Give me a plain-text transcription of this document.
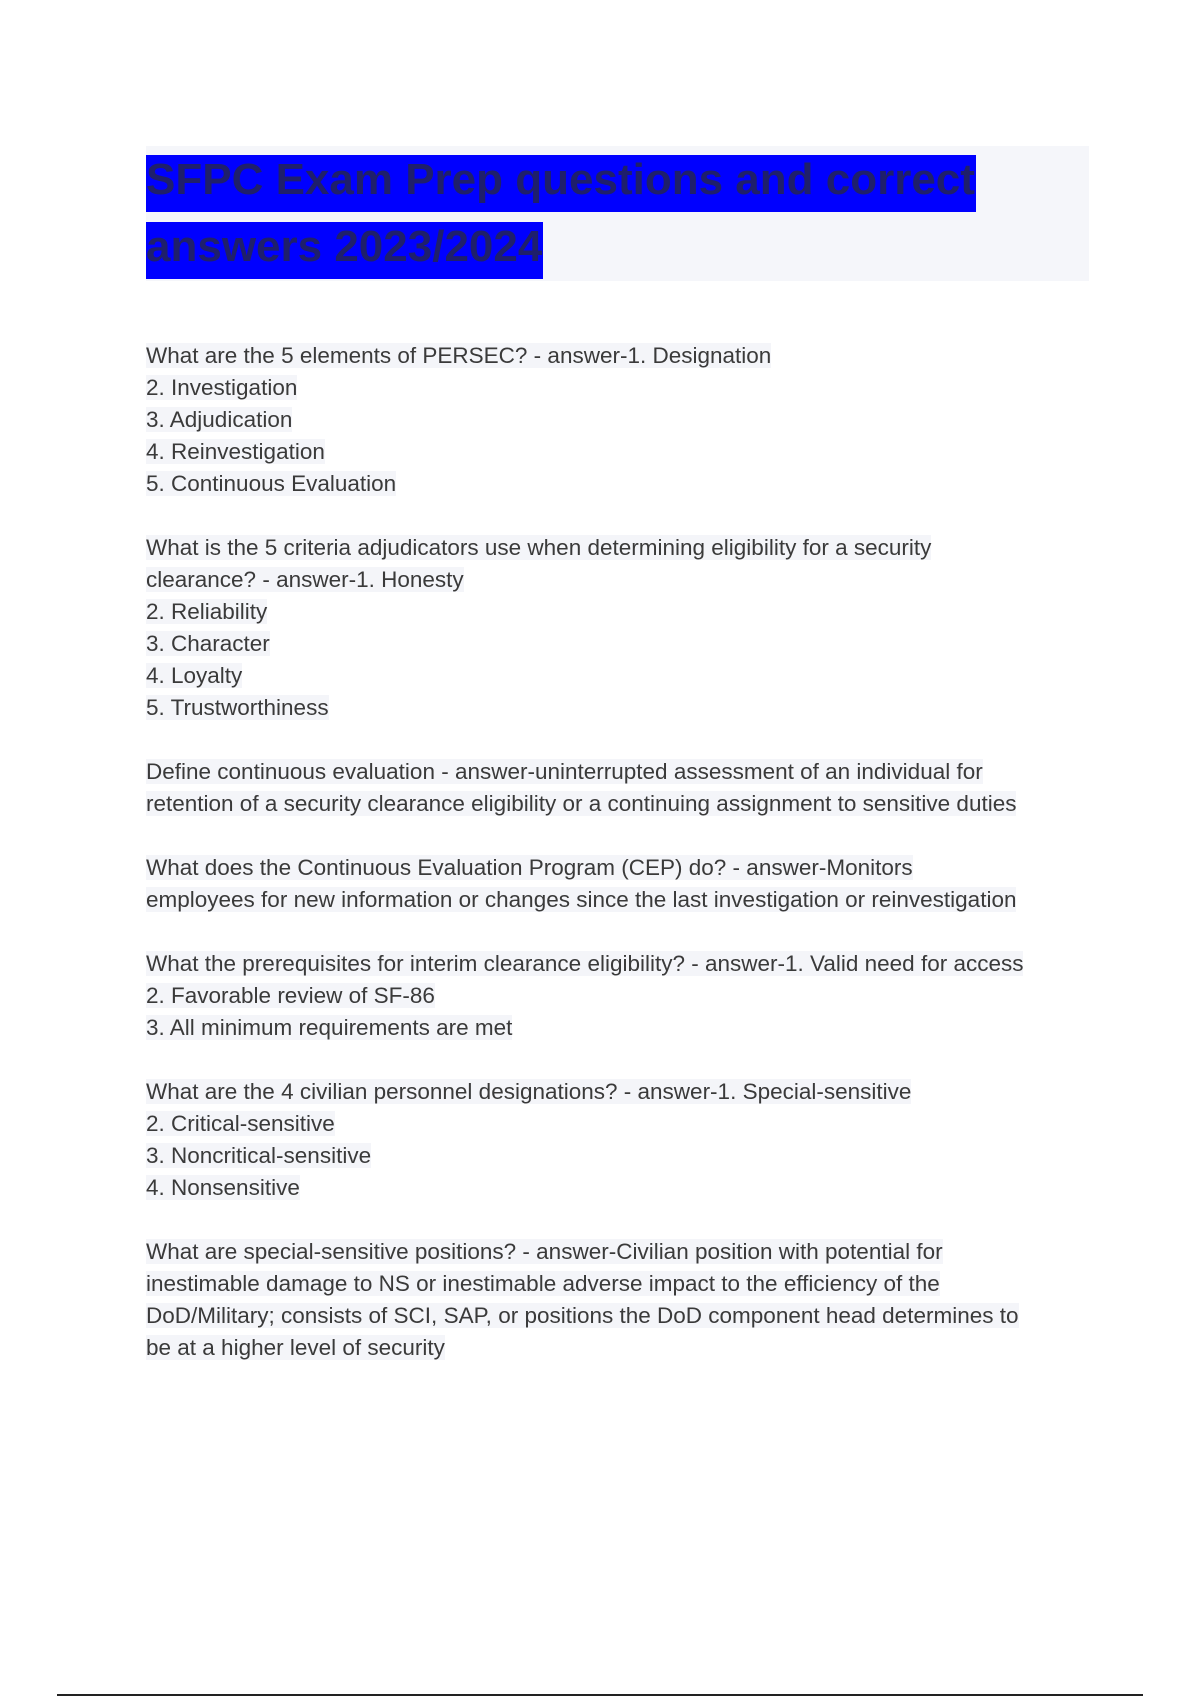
SFPC Exam Prep questions and correct
answers 2023/2024
What are the 5 elements of PERSEC? - answer-1. Designation
2. Investigation
3. Adjudication
4. Reinvestigation
5. Continuous Evaluation
What is the 5 criteria adjudicators use when determining eligibility for a security
clearance? - answer-1. Honesty
2. Reliability
3. Character
4. Loyalty
5. Trustworthiness
Define continuous evaluation - answer-uninterrupted assessment of an individual for
retention of a security clearance eligibility or a continuing assignment to sensitive duties
What does the Continuous Evaluation Program (CEP) do? - answer-Monitors
employees for new information or changes since the last investigation or reinvestigation
What the prerequisites for interim clearance eligibility? - answer-1. Valid need for access
2. Favorable review of SF-86
3. All minimum requirements are met
What are the 4 civilian personnel designations? - answer-1. Special-sensitive
2. Critical-sensitive
3. Noncritical-sensitive
4. Nonsensitive
What are special-sensitive positions? - answer-Civilian position with potential for
inestimable damage to NS or inestimable adverse impact to the efficiency of the
DoD/Military; consists of SCI, SAP, or positions the DoD component head determines to
be at a higher level of security
